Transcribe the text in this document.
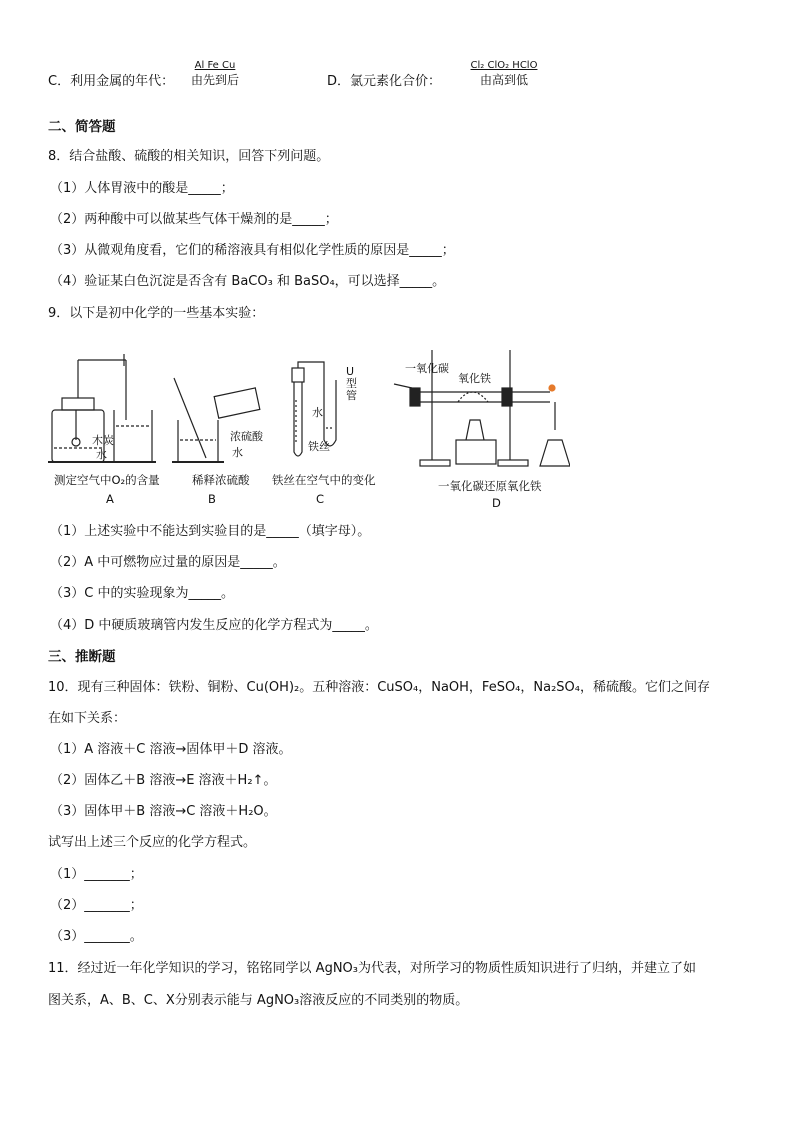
C．利用金属的年代：
Al Fe Cu
由先到后	D．氯元素化合价：
Cl₂ ClO₂ HClO
由高到低
二、简答题
8．结合盐酸、硫酸的相关知识，回答下列问题。
（1）人体胃液中的酸是_____；
（2）两种酸中可以做某些气体干燥剂的是_____；
（3）从微观角度看，它们的稀溶液具有相似化学性质的原因是_____；
（4）验证某白色沉淀是否含有 BaCO₃ 和 BaSO₄，可以选择_____。
9．以下是初中化学的一些基本实验：
木炭
水
浓硫酸
水
U型管
水
铁丝
一氧化碳
氧化铁
测定空气中O₂的含量
A
稀释浓硫酸
B
铁丝在空气中的变化
C
一氧化碳还原氧化铁
D
（1）上述实验中不能达到实验目的是_____（填字母）。
（2）A 中可燃物应过量的原因是_____。
（3）C 中的实验现象为_____。
（4）D 中硬质玻璃管内发生反应的化学方程式为_____。
三、推断题
10．现有三种固体：铁粉、铜粉、Cu(OH)₂。五种溶液：CuSO₄，NaOH，FeSO₄，Na₂SO₄，稀硫酸。它们之间存
在如下关系：
（1）A 溶液＋C 溶液→固体甲＋D 溶液。
（2）固体乙＋B 溶液→E 溶液＋H₂↑。
（3）固体甲＋B 溶液→C 溶液＋H₂O。
试写出上述三个反应的化学方程式。
（1）_______；
（2）_______；
（3）_______。
11．经过近一年化学知识的学习，铭铭同学以 AgNO₃为代表，对所学习的物质性质知识进行了归纳，并建立了如
图关系，A、B、C、X分别表示能与 AgNO₃溶液反应的不同类别的物质。
